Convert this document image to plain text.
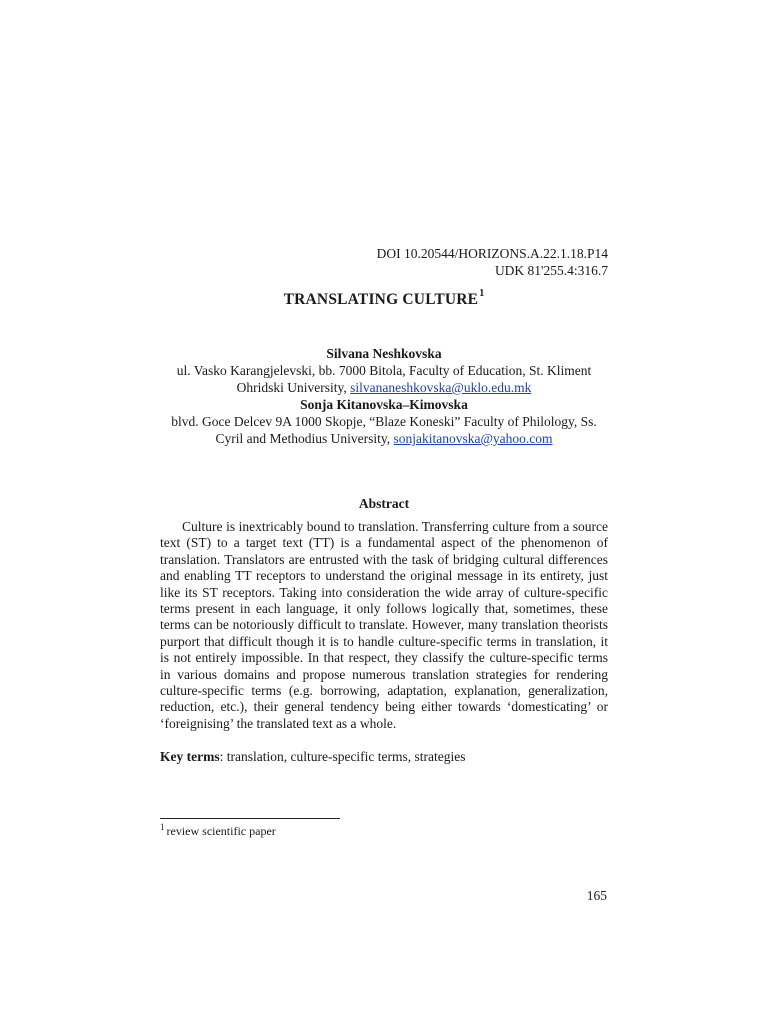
DOI 10.20544/HORIZONS.A.22.1.18.P14
UDK 81'255.4:316.7
TRANSLATING CULTURE$^1$
Silvana Neshkovska
ul. Vasko Karangjelevski, bb. 7000 Bitola, Faculty of Education, St. Kliment
Ohridski University, silvananeshkovska@uklo.edu.mk
Sonja Kitanovska–Kimovska
blvd. Goce Delcev 9A 1000 Skopje, “Blaze Koneski” Faculty of Philology, Ss.
Cyril and Methodius University, sonjakitanovska@yahoo.com
Abstract
Culture is inextricably bound to translation. Transferring culture from a source text (ST) to a target text (TT) is a fundamental aspect of the phenomenon of translation. Translators are entrusted with the task of bridging cultural differences and enabling TT receptors to understand the original message in its entirety, just like its ST receptors. Taking into consideration the wide array of culture-specific terms present in each language, it only follows logically that, sometimes, these terms can be notoriously difficult to translate. However, many translation theorists purport that difficult though it is to handle culture-specific terms in translation, it is not entirely impossible. In that respect, they classify the culture-specific terms in various domains and propose numerous translation strategies for rendering culture-specific terms (e.g. borrowing, adaptation, explanation, generalization, reduction, etc.), their general tendency being either towards ‘domesticating’ or ‘foreignising’ the translated text as a whole.
Key terms: translation, culture-specific terms, strategies
$^1$ review scientific paper
165
